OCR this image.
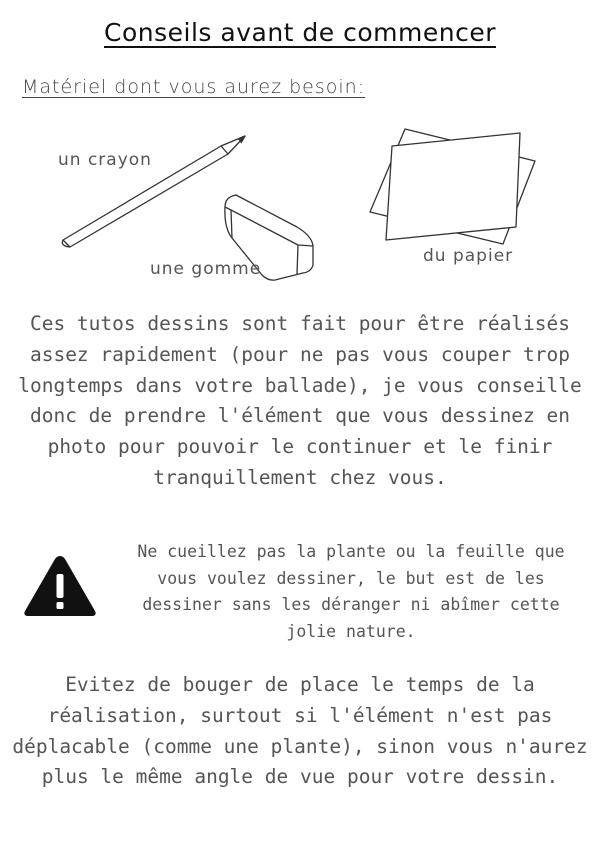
Conseils avant de commencer
Matériel dont vous aurez besoin:
un crayon
une gomme
du papier
Ces tutos dessins sont fait pour être réalisés assez rapidement (pour ne pas vous couper trop longtemps dans votre ballade), je vous conseille donc de prendre l'élément que vous dessinez en photo pour pouvoir le continuer et le finir tranquillement chez vous.
Ne cueillez pas la plante ou la feuille que vous voulez dessiner, le but est de les dessiner sans les déranger ni abîmer cette jolie nature.
Evitez de bouger de place le temps de la réalisation, surtout si l'élément n'est pas déplacable (comme une plante), sinon vous n'aurez plus le même angle de vue pour votre dessin.
